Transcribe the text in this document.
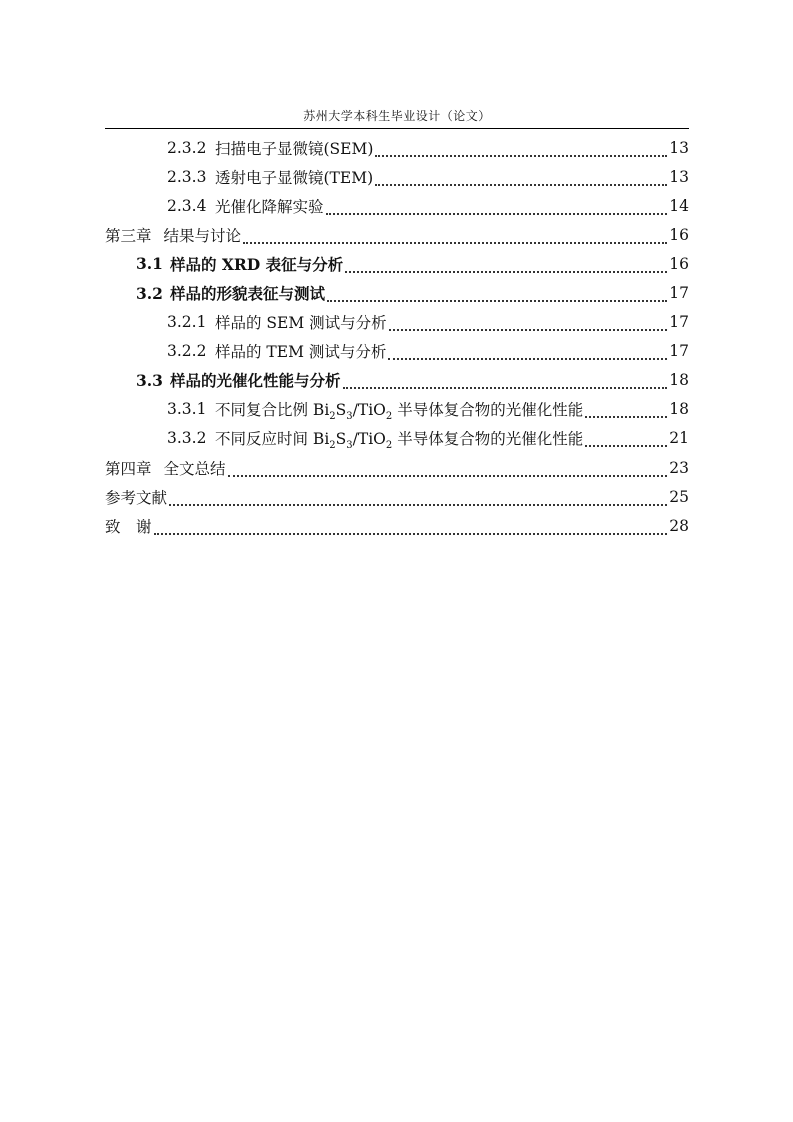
苏州大学本科生毕业设计（论文）
2.3.2 扫描电子显微镜(SEM)	13
2.3.3 透射电子显微镜(TEM)	13
2.3.4 光催化降解实验	14
第三章 结果与讨论	16
3.1 样品的 XRD 表征与分析	16
3.2 样品的形貌表征与测试	17
3.2.1 样品的 SEM 测试与分析	17
3.2.2 样品的 TEM 测试与分析	17
3.3 样品的光催化性能与分析	18
3.3.1 不同复合比例 $Bi_2S_3/TiO_2$ 半导体复合物的光催化性能	18
3.3.2 不同反应时间 $Bi_2S_3/TiO_2$ 半导体复合物的光催化性能	21
第四章 全文总结	23
参考文献	25
致　谢	28
